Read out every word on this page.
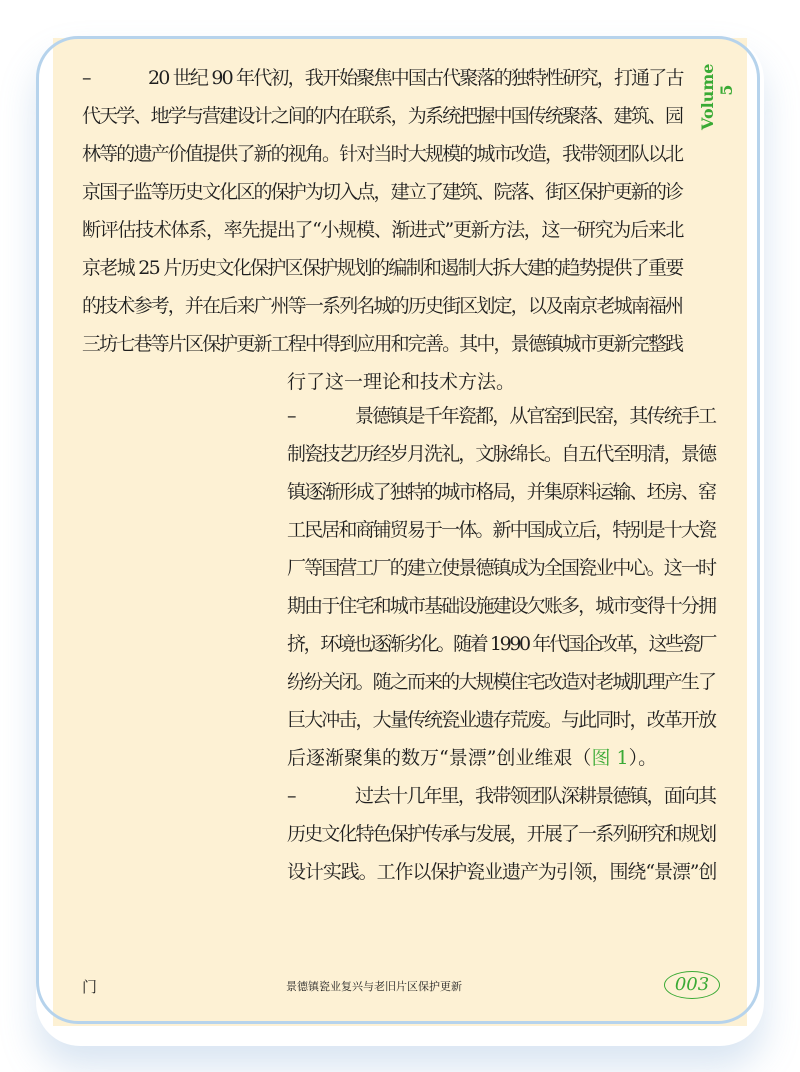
–	20 世纪 90 年代初，我开始聚焦中国古代聚落的独特性研究，打通了古
代天学、地学与营建设计之间的内在联系，为系统把握中国传统聚落、建筑、园
林等的遗产价值提供了新的视角。针对当时大规模的城市改造，我带领团队以北
京国子监等历史文化区的保护为切入点，建立了建筑、院落、街区保护更新的诊
断评估技术体系，率先提出了“小规模、渐进式”更新方法，这一研究为后来北
京老城 25 片历史文化保护区保护规划的编制和遏制大拆大建的趋势提供了重要
的技术参考，并在后来广州等一系列名城的历史街区划定，以及南京老城南福州
三坊七巷等片区保护更新工程中得到应用和完善。其中，景德镇城市更新完整践
行了这一理论和技术方法。
–	景德镇是千年瓷都，从官窑到民窑，其传统手工
制瓷技艺历经岁月洗礼，文脉绵长。自五代至明清，景德
镇逐渐形成了独特的城市格局，并集原料运输、坯房、窑
工民居和商铺贸易于一体。新中国成立后，特别是十大瓷
厂等国营工厂的建立使景德镇成为全国瓷业中心。这一时
期由于住宅和城市基础设施建设欠账多，城市变得十分拥
挤，环境也逐渐劣化。随着 1990 年代国企改革，这些瓷厂
纷纷关闭。随之而来的大规模住宅改造对老城肌理产生了
巨大冲击，大量传统瓷业遗存荒废。与此同时，改革开放
后逐渐聚集的数万“景漂”创业维艰（图 1）。
–	过去十几年里，我带领团队深耕景德镇，面向其
历史文化特色保护传承与发展，开展了一系列研究和规划
设计实践。工作以保护瓷业遗产为引领，围绕“景漂”创
Volume 5
门	景德镇瓷业复兴与老旧片区保护更新	003
